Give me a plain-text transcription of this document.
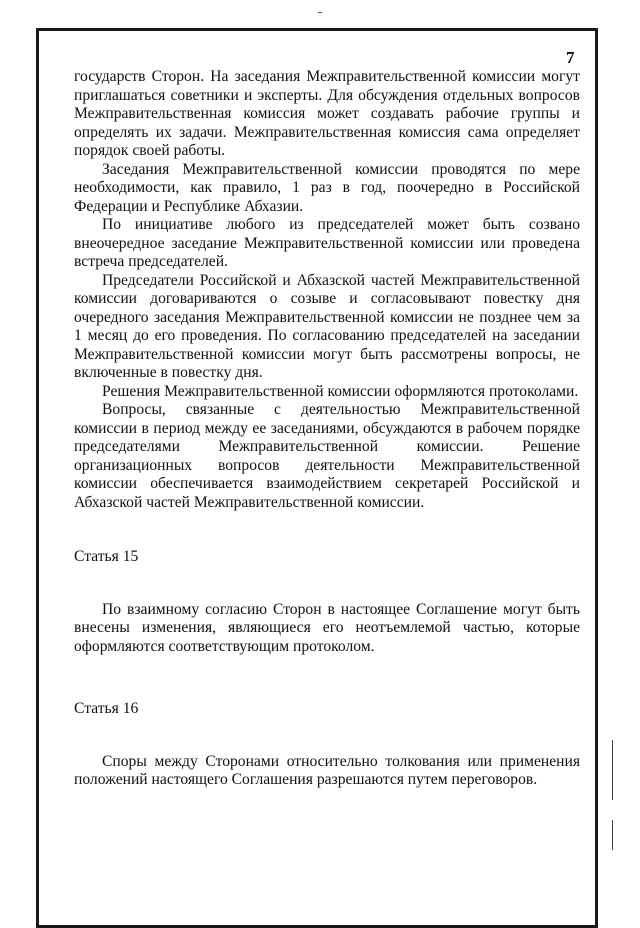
7

государств Сторон. На заседания Межправительственной комиссии могут приглашаться советники и эксперты. Для обсуждения отдельных вопросов Межправительственная комиссия может создавать рабочие группы и определять их задачи. Межправительственная комиссия сама определяет порядок своей работы.

Заседания Межправительственной комиссии проводятся по мере необходимости, как правило, 1 раз в год, поочередно в Российской Федерации и Республике Абхазии.

По инициативе любого из председателей может быть созвано внеочередное заседание Межправительственной комиссии или проведена встреча председателей.

Председатели Российской и Абхазской частей Межправительственной комиссии договариваются о созыве и согласовывают повестку дня очередного заседания Межправительственной комиссии не позднее чем за 1 месяц до его проведения. По согласованию председателей на заседании Межправительственной комиссии могут быть рассмотрены вопросы, не включенные в повестку дня.

Решения Межправительственной комиссии оформляются протоколами.

Вопросы, связанные с деятельностью Межправительственной комиссии в период между ее заседаниями, обсуждаются в рабочем порядке председателями Межправительственной комиссии. Решение организационных вопросов деятельности Межправительственной комиссии обеспечивается взаимодействием секретарей Российской и Абхазской частей Межправительственной комиссии.

Статья 15

По взаимному согласию Сторон в настоящее Соглашение могут быть внесены изменения, являющиеся его неотъемлемой частью, которые оформляются соответствующим протоколом.

Статья 16

Споры между Сторонами относительно толкования или применения положений настоящего Соглашения разрешаются путем переговоров.
